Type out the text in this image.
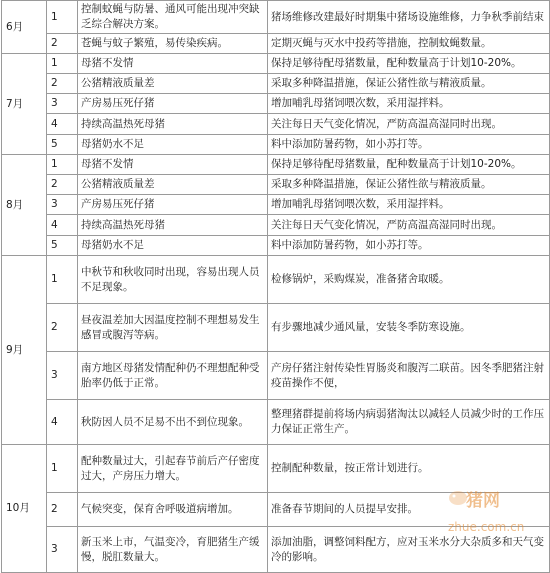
6月	1	控制蚊蝇与防暑、通风可能出现冲突缺乏综合解决方案。	猪场维修改建最好时期集中猪场设施维修，力争秋季前结束
	2	苍蝇与蚊子繁殖，易传染疾病。	定期灭蝇与灭水中投药等措施，控制蚊蝇数量。
7月	1	母猪不发情	保持足够待配母猪数量，配种数量高于计划10-20%。
	2	公猪精液质量差	采取多种降温措施，保证公猪性欲与精液质量。
	3	产房易压死仔猪	增加哺乳母猪饲喂次数，采用湿拌料。
	4	持续高温热死母猪	关注每日天气变化情况，严防高温高湿同时出现。
	5	母猪奶水不足	料中添加防暑药物，如小苏打等。
8月	1	母猪不发情	保持足够待配母猪数量，配种数量高于计划10-20%。
	2	公猪精液质量差	采取多种降温措施，保证公猪性欲与精液质量。
	3	产房易压死仔猪	增加哺乳母猪饲喂次数，采用湿拌料。
	4	持续高温热死母猪	关注每日天气变化情况，严防高温高湿同时出现。
	5	母猪奶水不足	料中添加防暑药物，如小苏打等。
9月	1	中秋节和秋收同时出现，容易出现人员不足现象。	检修锅炉，采购煤炭，准备猪舍取暖。
	2	昼夜温差加大因温度控制不理想易发生感冒或腹泻等病。	有步骤地减少通风量，安装冬季防寒设施。
	3	南方地区母猪发情配种仍不理想配种受胎率仍低于正常。	产房仔猪注射传染性胃肠炎和腹泻二联苗。因冬季肥猪注射疫苗操作不便，
	4	秋防因人员不足易不出不到位现象。	整理猪群提前将场内病弱猪淘汰以减轻人员减少时的工作压力保证正常生产。
10月	1	配种数量过大，引起春节前后产仔密度过大，产房压力增大。	控制配种数量，按正常计划进行。
	2	气候突变，保育舍呼吸道病增加。	准备春节期间的人员提早安排。
	3	新玉米上市，气温变冷，育肥猪生产缓慢，脱肛数量大。	添加油脂，调整饲料配方，应对玉米水分大杂质多和天气变冷的影响。
猪网
zhue.com.cn
